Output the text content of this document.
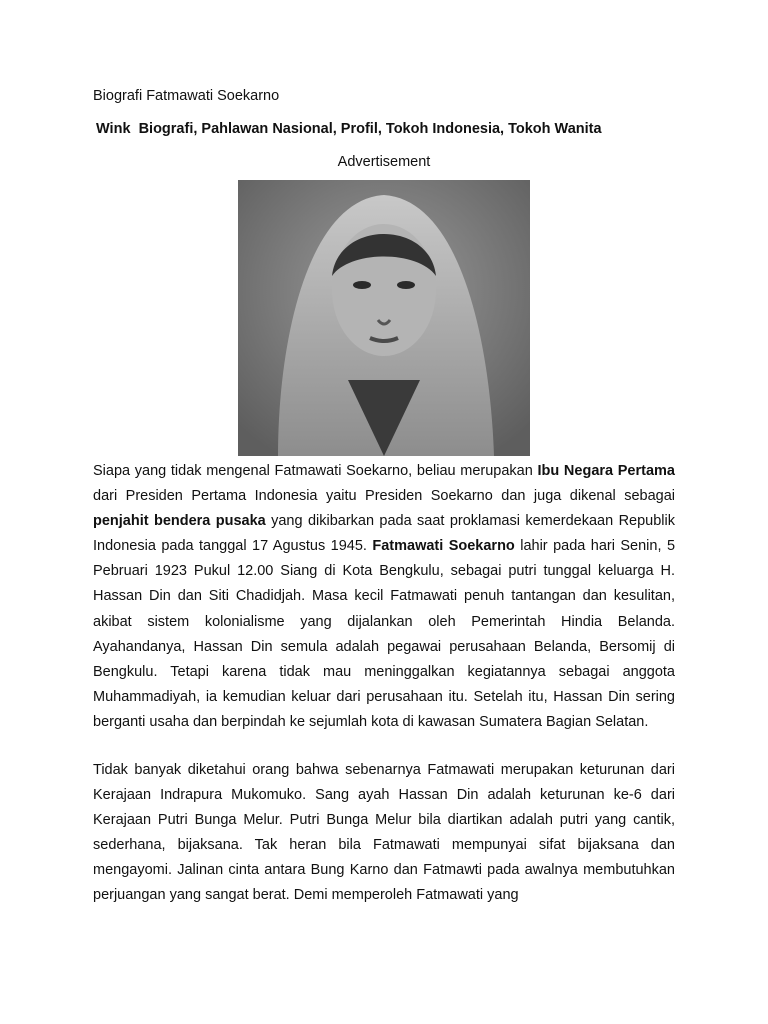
Biografi Fatmawati Soekarno
Wink  Biografi, Pahlawan Nasional, Profil, Tokoh Indonesia, Tokoh Wanita
Advertisement

Siapa yang tidak mengenal Fatmawati Soekarno, beliau merupakan Ibu Negara Pertama dari Presiden Pertama Indonesia yaitu Presiden Soekarno dan juga dikenal sebagai penjahit bendera pusaka yang dikibarkan pada saat proklamasi kemerdekaan Republik Indonesia pada tanggal 17 Agustus 1945. Fatmawati Soekarno lahir pada hari Senin, 5 Pebruari 1923 Pukul 12.00 Siang di Kota Bengkulu, sebagai putri tunggal keluarga H. Hassan Din dan Siti Chadidjah. Masa kecil Fatmawati penuh tantangan dan kesulitan, akibat sistem kolonialisme yang dijalankan oleh Pemerintah Hindia Belanda. Ayahandanya, Hassan Din semula adalah pegawai perusahaan Belanda, Bersomij di Bengkulu. Tetapi karena tidak mau meninggalkan kegiatannya sebagai anggota Muhammadiyah, ia kemudian keluar dari perusahaan itu. Setelah itu, Hassan Din sering berganti usaha dan berpindah ke sejumlah kota di kawasan Sumatera Bagian Selatan.

Tidak banyak diketahui orang bahwa sebenarnya Fatmawati merupakan keturunan dari Kerajaan Indrapura Mukomuko. Sang ayah Hassan Din adalah keturunan ke-6 dari Kerajaan Putri Bunga Melur. Putri Bunga Melur bila diartikan adalah putri yang cantik, sederhana, bijaksana. Tak heran bila Fatmawati mempunyai sifat bijaksana dan mengayomi. Jalinan cinta antara Bung Karno dan Fatmawti pada awalnya membutuhkan perjuangan yang sangat berat. Demi memperoleh Fatmawati yang
